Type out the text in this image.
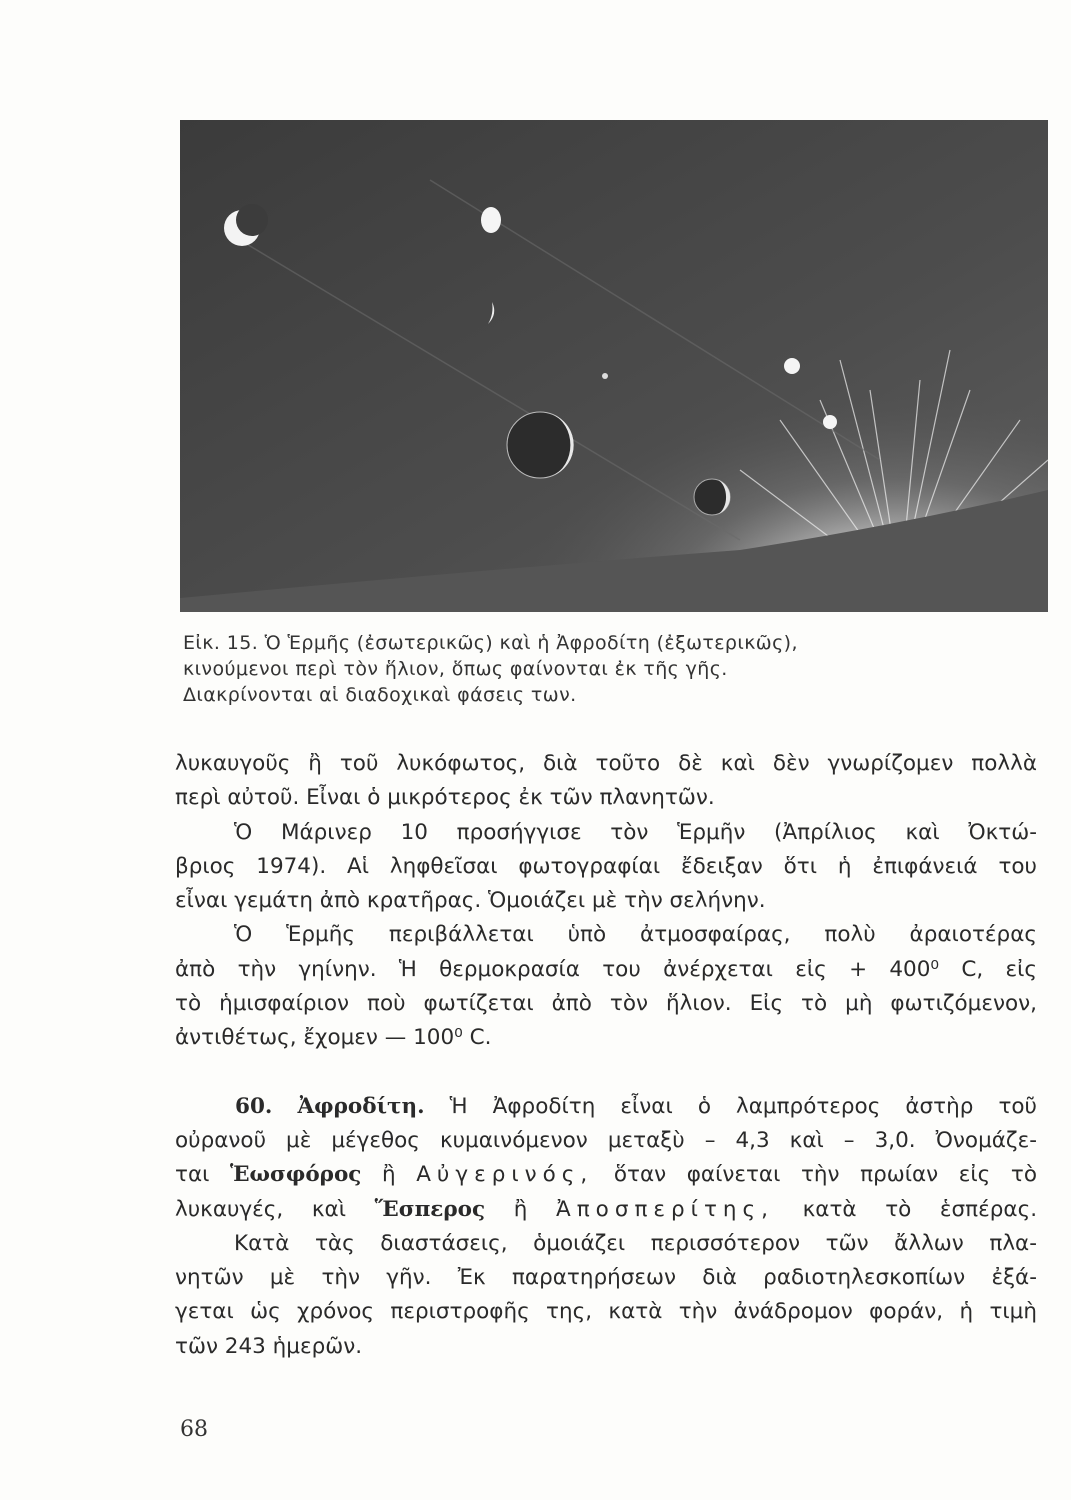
Εἰκ. 15. Ὁ Ἑρμῆς (ἐσωτερικῶς) καὶ ἡ Ἀφροδίτη (ἐξωτερικῶς),
κινούμενοι περὶ τὸν ἥλιον, ὅπως φαίνονται ἐκ τῆς γῆς.
Διακρίνονται αἱ διαδοχικαὶ φάσεις των.
λυκαυγοῦς ἢ τοῦ λυκόφωτος, διὰ τοῦτο δὲ καὶ δὲν γνωρίζομεν πολλὰ
περὶ αὐτοῦ. Εἶναι ὁ μικρότερος ἐκ τῶν πλανητῶν.
Ὁ Μάρινερ 10 προσήγγισε τὸν Ἑρμῆν (Ἀπρίλιος καὶ Ὀκτώ-
βριος 1974). Αἱ ληφθεῖσαι φωτογραφίαι ἔδειξαν ὅτι ἡ ἐπιφάνειά του
εἶναι γεμάτη ἀπὸ κρατῆρας. Ὁμοιάζει μὲ τὴν σελήνην.
Ὁ Ἑρμῆς περιβάλλεται ὑπὸ ἀτμοσφαίρας, πολὺ ἀραιοτέρας
ἀπὸ τὴν γηίνην. Ἡ θερμοκρασία του ἀνέρχεται εἰς + 400⁰ C, εἰς
τὸ ἡμισφαίριον ποὺ φωτίζεται ἀπὸ τὸν ἥλιον. Εἰς τὸ μὴ φωτιζόμενον,
ἀντιθέτως, ἔχομεν — 100⁰ C.
60. Ἀφροδίτη. Ἡ Ἀφροδίτη εἶναι ὁ λαμπρότερος ἀστὴρ τοῦ
οὐρανοῦ μὲ μέγεθος κυμαινόμενον μεταξὺ – 4,3 καὶ – 3,0. Ὀνομάζε-
ται Ἑωσφόρος ἢ Αὐγερινός, ὅταν φαίνεται τὴν πρωίαν εἰς τὸ
λυκαυγές, καὶ Ἕσπερος ἢ Ἀποσπερίτης, κατὰ τὸ ἑσπέρας.
Κατὰ τὰς διαστάσεις, ὁμοιάζει περισσότερον τῶν ἄλλων πλα-
νητῶν μὲ τὴν γῆν. Ἐκ παρατηρήσεων διὰ ραδιοτηλεσκοπίων ἐξά-
γεται ὡς χρόνος περιστροφῆς της, κατὰ τὴν ἀνάδρομον φοράν, ἡ τιμὴ
τῶν 243 ἡμερῶν.
68
